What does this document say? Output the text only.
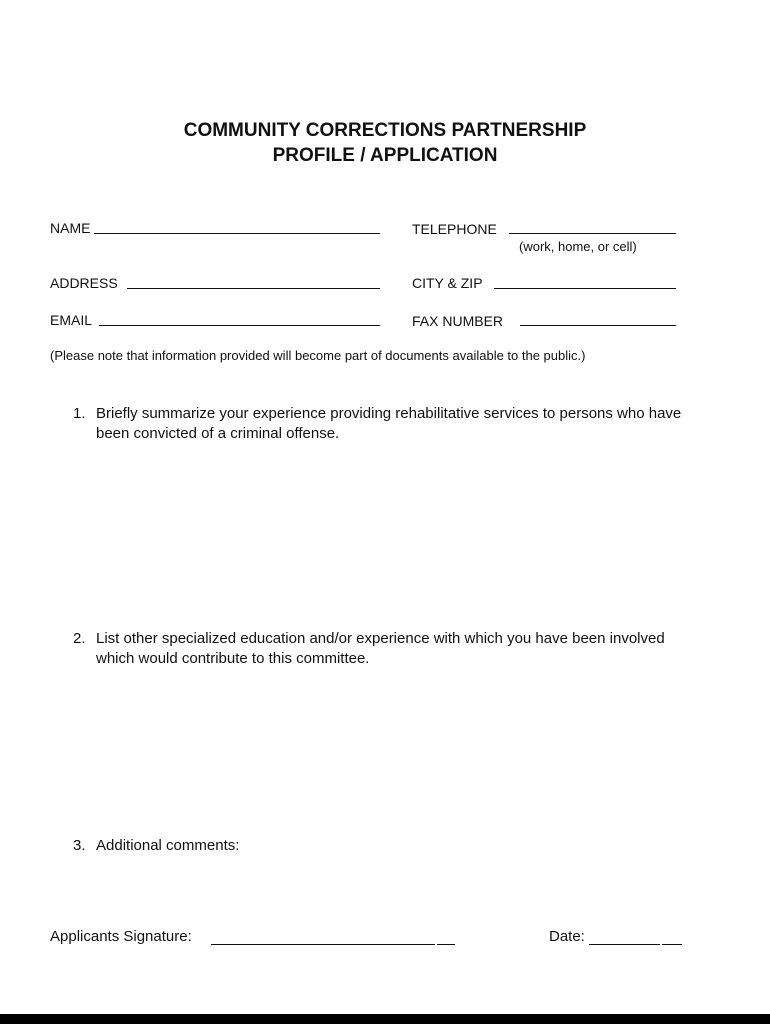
COMMUNITY CORRECTIONS PARTNERSHIP
PROFILE / APPLICATION
NAME	TELEPHONE
(work, home, or cell)
ADDRESS	CITY & ZIP
EMAIL	FAX NUMBER
(Please note that information provided will become part of documents available to the public.)
1. Briefly summarize your experience providing rehabilitative services to persons who have been convicted of a criminal offense.
2. List other specialized education and/or experience with which you have been involved which would contribute to this committee.
3. Additional comments:
Applicants Signature:	Date:
